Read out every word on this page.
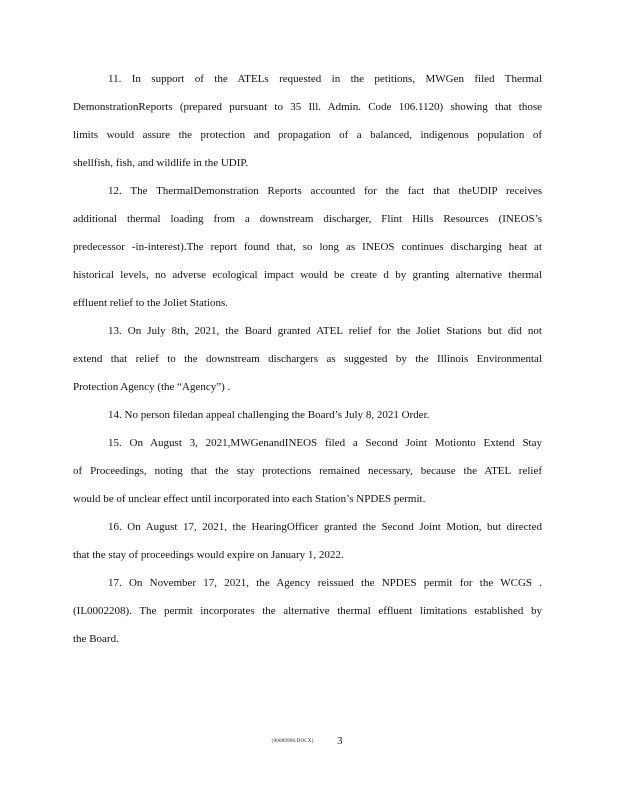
11. In support of the ATELs requested in the petitions, MWGen filed Thermal
DemonstrationReports (prepared pursuant to 35 Ill. Admin. Code 106.1120) showing that those
limits would assure the protection and propagation of a balanced, indigenous population of
shellfish, fish, and wildlife in the UDIP.
12. The ThermalDemonstration Reports accounted for the fact that theUDIP receives
additional thermal loading from a downstream discharger, Flint Hills Resources (INEOS’s
predecessor -in-interest).The report found that, so long as INEOS continues discharging heat at
historical levels, no adverse ecological impact would be create d by granting alternative thermal
effluent relief to the Joliet Stations.
13. On July 8th, 2021, the Board granted ATEL relief for the Joliet Stations but did not
extend that relief to the downstream dischargers as suggested by the Illinois Environmental
Protection Agency (the “Agency”) .
14. No person filedan appeal challenging the Board’s July 8, 2021 Order.
15. On August 3, 2021,MWGenandINEOS filed a Second Joint Motionto Extend Stay
of Proceedings, noting that the stay protections remained necessary, because the ATEL relief
would be of unclear effect until incorporated into each Station’s NPDES permit.
16. On August 17, 2021, the HearingOfficer granted the Second Joint Motion, but directed
that the stay of proceedings would expire on January 1, 2022.
17. On November 17, 2021, the Agency reissued the NPDES permit for the WCGS .
(IL0002208). The permit incorporates the alternative thermal effluent limitations established by
the Board.
{00089996.DOCX} 3
